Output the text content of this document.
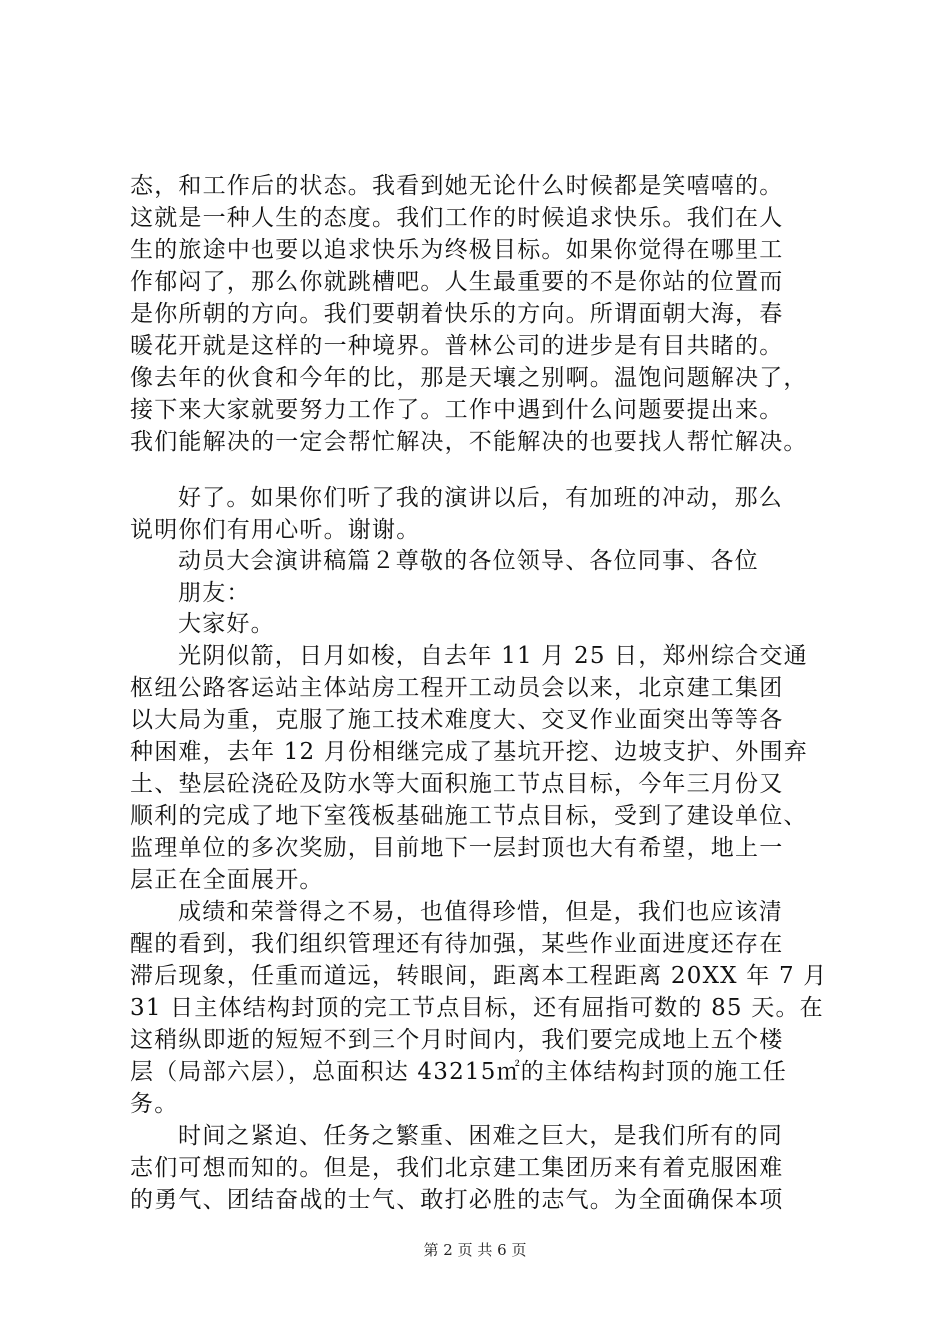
态，和工作后的状态。我看到她无论什么时候都是笑嘻嘻的。
这就是一种人生的态度。我们工作的时候追求快乐。我们在人
生的旅途中也要以追求快乐为终极目标。如果你觉得在哪里工
作郁闷了，那么你就跳槽吧。人生最重要的不是你站的位置而
是你所朝的方向。我们要朝着快乐的方向。所谓面朝大海，春
暖花开就是这样的一种境界。普林公司的进步是有目共睹的。
像去年的伙食和今年的比，那是天壤之别啊。温饱问题解决了，
接下来大家就要努力工作了。工作中遇到什么问题要提出来。
我们能解决的一定会帮忙解决，不能解决的也要找人帮忙解决。
好了。如果你们听了我的演讲以后，有加班的冲动，那么
说明你们有用心听。谢谢。
动员大会演讲稿篇２尊敬的各位领导、各位同事、各位
朋友：
大家好。
光阴似箭，日月如梭，自去年 11 月 25 日，郑州综合交通
枢纽公路客运站主体站房工程开工动员会以来，北京建工集团
以大局为重，克服了施工技术难度大、交叉作业面突出等等各
种困难，去年 12 月份相继完成了基坑开挖、边坡支护、外围弃
土、垫层砼浇砼及防水等大面积施工节点目标，今年三月份又
顺利的完成了地下室筏板基础施工节点目标，受到了建设单位、
监理单位的多次奖励，目前地下一层封顶也大有希望，地上一
层正在全面展开。
成绩和荣誉得之不易，也值得珍惜，但是，我们也应该清
醒的看到，我们组织管理还有待加强，某些作业面进度还存在
滞后现象，任重而道远，转眼间，距离本工程距离 20XX 年 7 月
31 日主体结构封顶的完工节点目标，还有屈指可数的 85 天。在
这稍纵即逝的短短不到三个月时间内，我们要完成地上五个楼
层（局部六层），总面积达 43215㎡的主体结构封顶的施工任
务。
时间之紧迫、任务之繁重、困难之巨大，是我们所有的同
志们可想而知的。但是，我们北京建工集团历来有着克服困难
的勇气、团结奋战的士气、敢打必胜的志气。为全面确保本项
第 2 页 共 6 页
